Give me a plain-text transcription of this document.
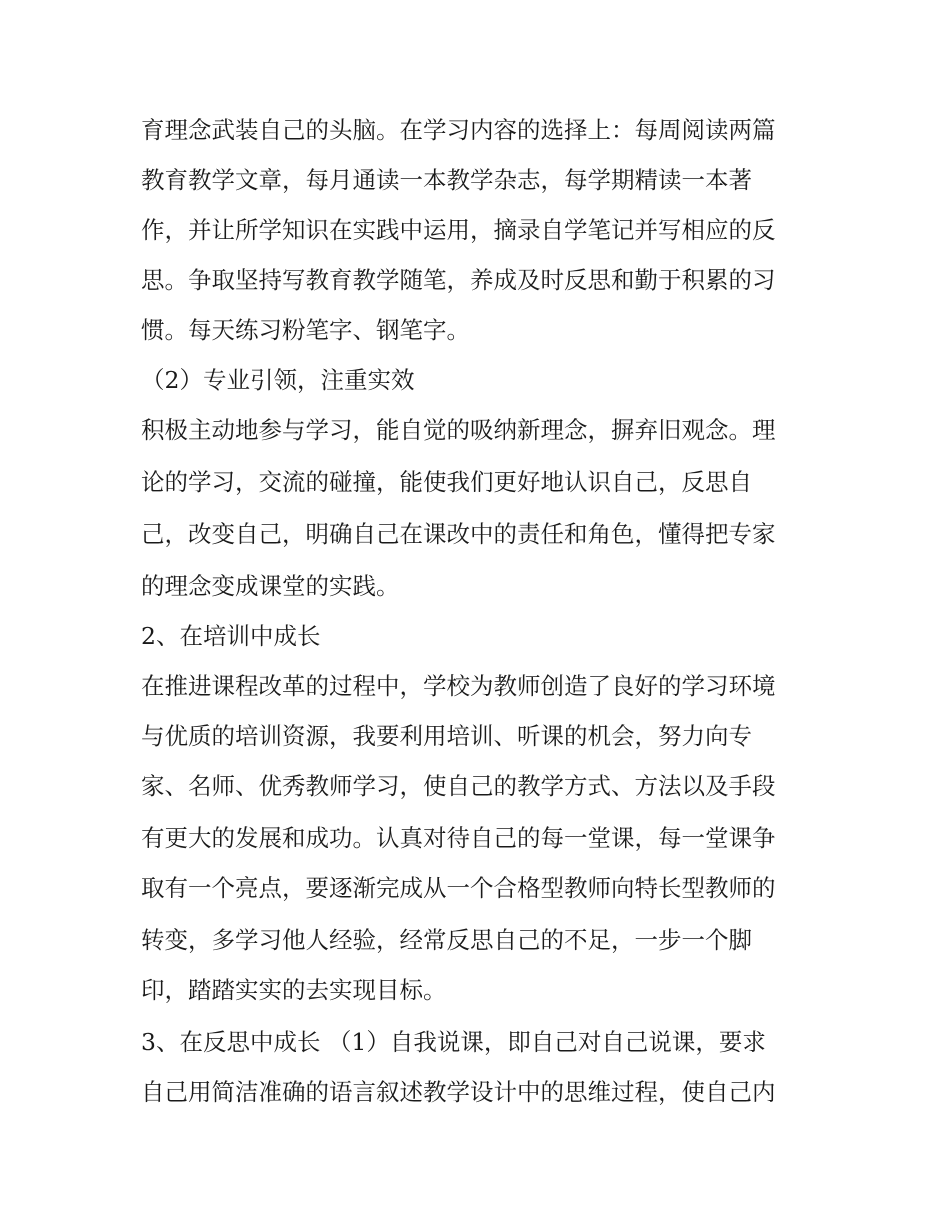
育理念武装自己的头脑。在学习内容的选择上：每周阅读两篇
教育教学文章，每月通读一本教学杂志，每学期精读一本著
作，并让所学知识在实践中运用，摘录自学笔记并写相应的反
思。争取坚持写教育教学随笔，养成及时反思和勤于积累的习
惯。每天练习粉笔字、钢笔字。
（2）专业引领，注重实效
积极主动地参与学习，能自觉的吸纳新理念，摒弃旧观念。理
论的学习，交流的碰撞，能使我们更好地认识自己，反思自
己，改变自己，明确自己在课改中的责任和角色，懂得把专家
的理念变成课堂的实践。
2、在培训中成长
在推进课程改革的过程中，学校为教师创造了良好的学习环境
与优质的培训资源，我要利用培训、听课的机会，努力向专
家、名师、优秀教师学习，使自己的教学方式、方法以及手段
有更大的发展和成功。认真对待自己的每一堂课，每一堂课争
取有一个亮点，要逐渐完成从一个合格型教师向特长型教师的
转变，多学习他人经验，经常反思自己的不足，一步一个脚
印，踏踏实实的去实现目标。
3、在反思中成长 （1）自我说课，即自己对自己说课，要求
自己用简洁准确的语言叙述教学设计中的思维过程，使自己内
